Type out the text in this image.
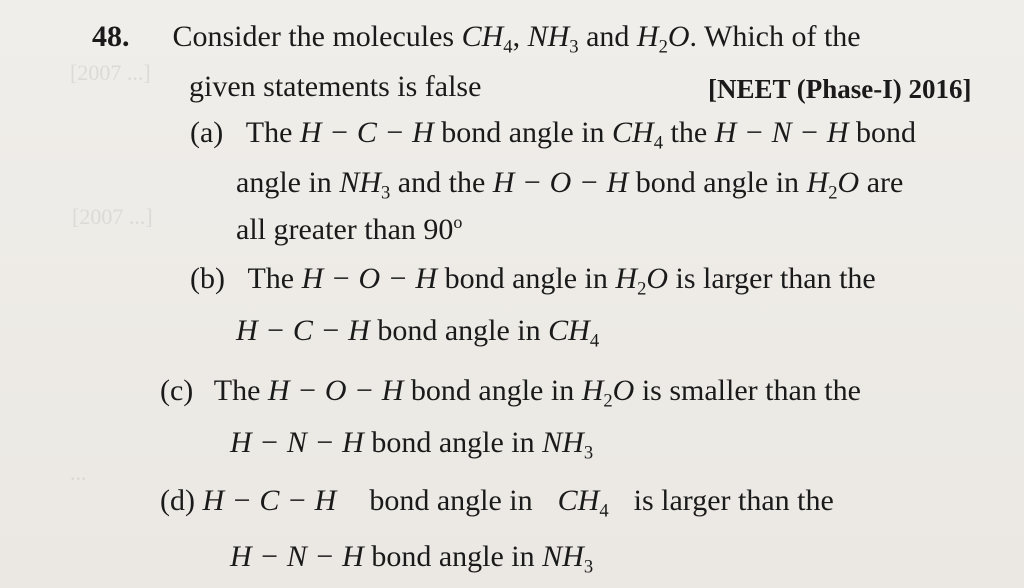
[2007 ...]
[2007 ...]
...
48. Consider the molecules $CH_4$, $NH_3$ and $H_2O$. Which of the
given statements is false	[NEET (Phase-I) 2016]
(a) The H − C − H bond angle in $CH_4$ the H − N − H bond
angle in $NH_3$ and the H − O − H bond angle in $H_2O$ are
all greater than 90$^o$
(b) The H − O − H bond angle in $H_2O$ is larger than the
H − C − H bond angle in $CH_4$
(c) The H − O − H bond angle in $H_2O$ is smaller than the
H − N − H bond angle in $NH_3$
(d) H − C − H bond angle in $CH_4$ is larger than the
H − N − H bond angle in $NH_3$
